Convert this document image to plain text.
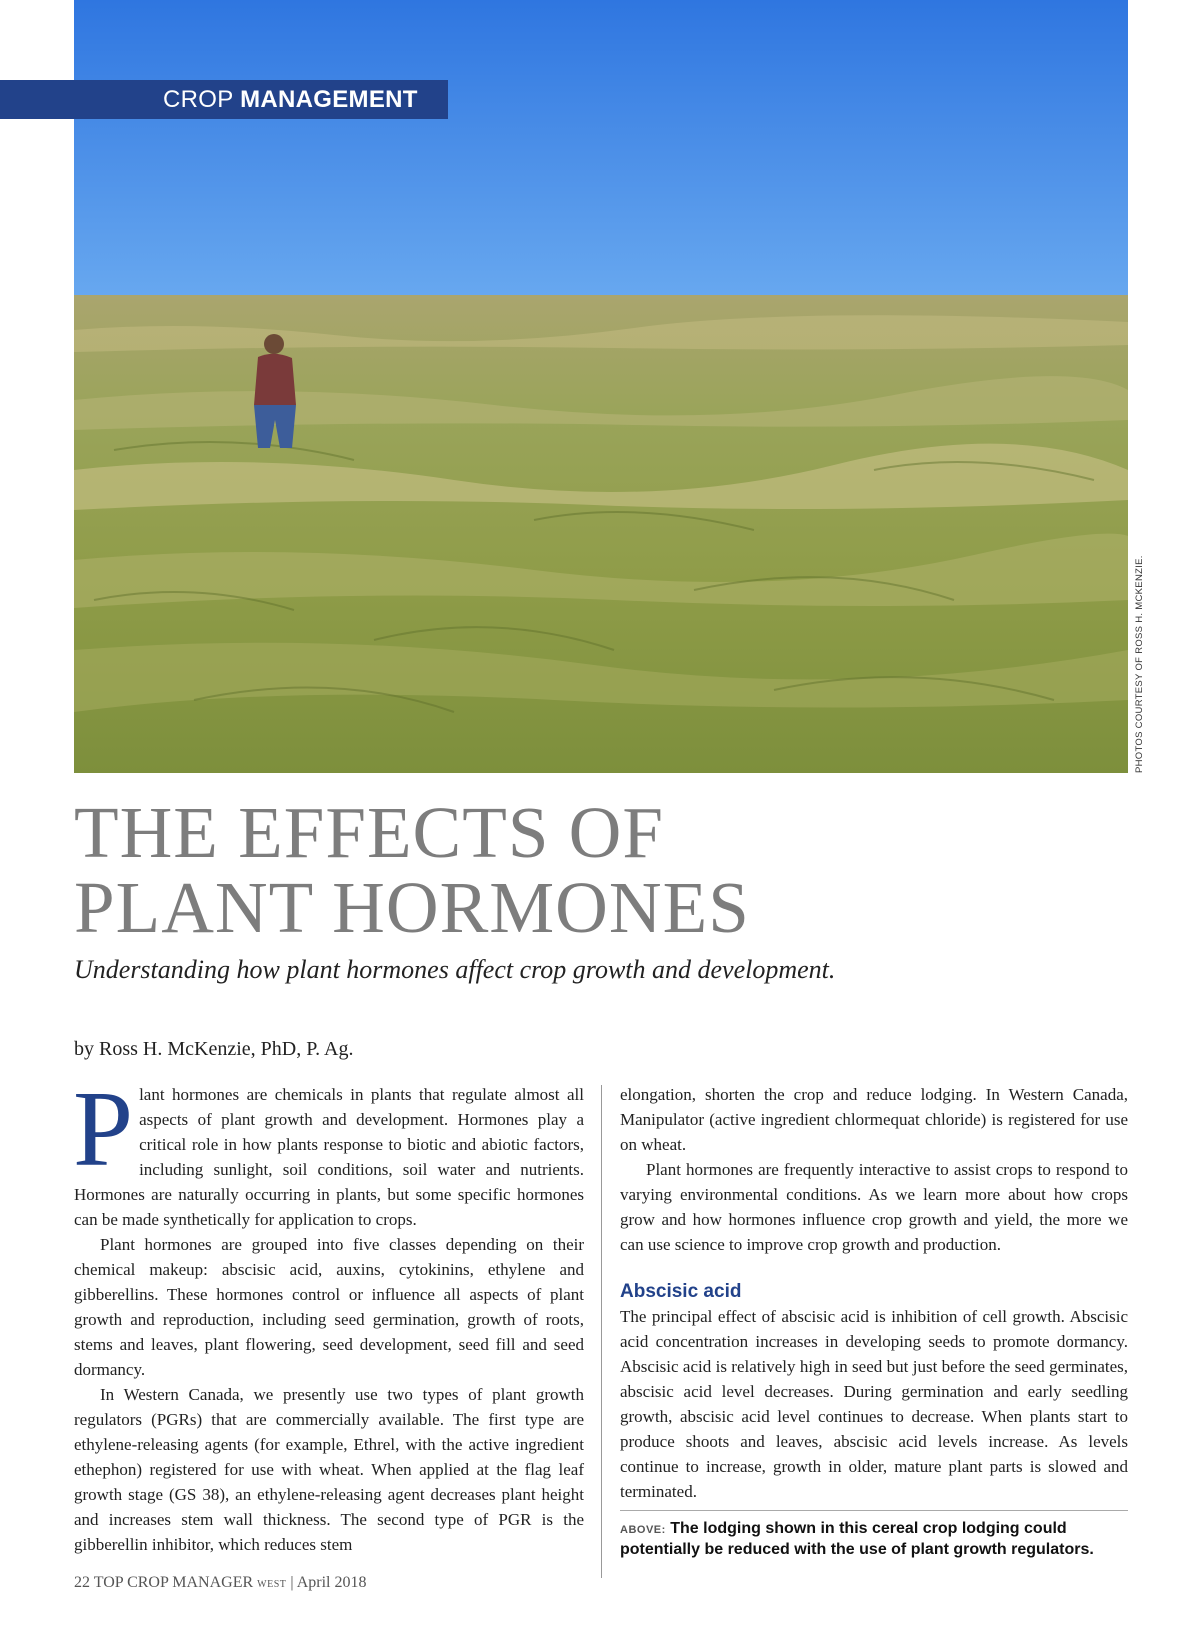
CROP MANAGEMENT
PHOTOS COURTESY OF ROSS H. MCKENZIE.
THE EFFECTS OF
PLANT HORMONES
Understanding how plant hormones affect crop growth and development.
by Ross H. McKenzie, PhD, P. Ag.

Plant hormones are chemicals in plants that regulate almost all aspects of plant growth and development. Hormones play a critical role in how plants response to biotic and abiotic factors, including sunlight, soil conditions, soil water and nutrients. Hormones are naturally occurring in plants, but some specific hormones can be made synthetically for application to crops.

Plant hormones are grouped into five classes depending on their chemical makeup: abscisic acid, auxins, cytokinins, ethylene and gibberellins. These hormones control or influence all aspects of plant growth and reproduction, including seed germination, growth of roots, stems and leaves, plant flowering, seed development, seed fill and seed dormancy.

In Western Canada, we presently use two types of plant growth regulators (PGRs) that are commercially available. The first type are ethylene-releasing agents (for example, Ethrel, with the active ingredient ethephon) registered for use with wheat. When applied at the flag leaf growth stage (GS 38), an ethylene-releasing agent decreases plant height and increases stem wall thickness. The second type of PGR is the gibberellin inhibitor, which reduces stem

elongation, shorten the crop and reduce lodging. In Western Canada, Manipulator (active ingredient chlormequat chloride) is registered for use on wheat.

Plant hormones are frequently interactive to assist crops to respond to varying environmental conditions. As we learn more about how crops grow and how hormones influence crop growth and yield, the more we can use science to improve crop growth and production.

Abscisic acid

The principal effect of abscisic acid is inhibition of cell growth. Abscisic acid concentration increases in developing seeds to promote dormancy. Abscisic acid is relatively high in seed but just before the seed germinates, abscisic acid level decreases. During germination and early seedling growth, abscisic acid level continues to decrease. When plants start to produce shoots and leaves, abscisic acid levels increase. As levels continue to increase, growth in older, mature plant parts is slowed and terminated.

ABOVE: The lodging shown in this cereal crop lodging could potentially be reduced with the use of plant growth regulators.
22 TOP CROP MANAGER WEST | April 2018
